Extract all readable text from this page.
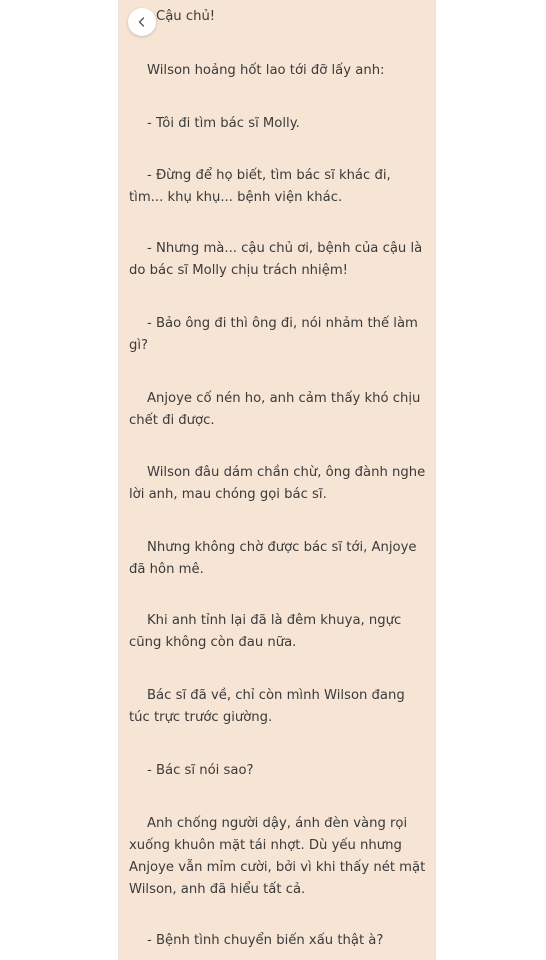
Cậu chủ!

Wilson hoảng hốt lao tới đỡ lấy anh:

- Tôi đi tìm bác sĩ Molly.

- Đừng để họ biết, tìm bác sĩ khác đi, tìm... khụ khụ... bệnh viện khác.

- Nhưng mà... cậu chủ ơi, bệnh của cậu là do bác sĩ Molly chịu trách nhiệm!

- Bảo ông đi thì ông đi, nói nhảm thế làm gì?

Anjoye cố nén ho, anh cảm thấy khó chịu chết đi được.

Wilson đâu dám chần chừ, ông đành nghe lời anh, mau chóng gọi bác sĩ.

Nhưng không chờ được bác sĩ tới, Anjoye đã hôn mê.

Khi anh tỉnh lại đã là đêm khuya, ngực cũng không còn đau nữa.

Bác sĩ đã về, chỉ còn mình Wilson đang túc trực trước giường.

- Bác sĩ nói sao?

Anh chống người dậy, ánh đèn vàng rọi xuống khuôn mặt tái nhợt. Dù yếu nhưng Anjoye vẫn mỉm cười, bởi vì khi thấy nét mặt Wilson, anh đã hiểu tất cả.

- Bệnh tình chuyển biến xấu thật à?
